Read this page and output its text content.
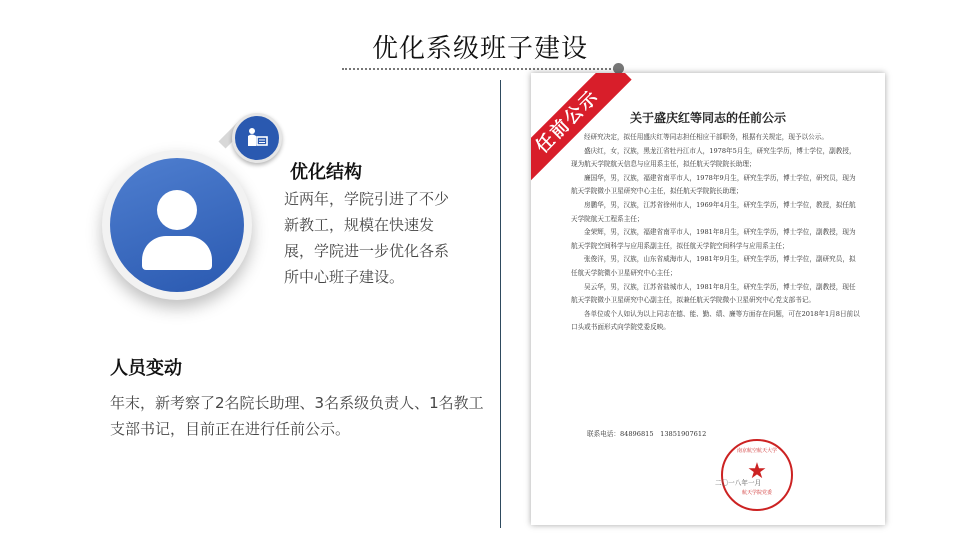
优化系级班子建设
优化结构
近两年，学院引进了不少新教工，规模在快速发展，学院进一步优化各系所中心班子建设。
人员变动
年末，新考察了2名院长助理、3名系级负责人、1名教工支部书记，目前正在进行任前公示。
任前公示	关于盛庆红等同志的任前公示

经研究决定，拟任用盛庆红等同志担任相应干部职务，根据有关规定，现予以公示。

盛庆红，女，汉族，黑龙江省牡丹江市人，1978年5月生，研究生学历，博士学位，副教授，现为航天学院航天信息与应用系主任，拟任航天学院院长助理；

廉国华，男，汉族，福建省南平市人，1978年9月生，研究生学历，博士学位，研究员，现为航天学院微小卫星研究中心主任，拟任航天学院院长助理；

房鹏华，男，汉族，江苏省徐州市人，1969年4月生，研究生学历，博士学位，教授，拟任航天学院航天工程系主任；

金荣辉，男，汉族，福建省南平市人，1981年8月生，研究生学历，博士学位，副教授，现为航天学院空间科学与应用系副主任，拟任航天学院空间科学与应用系主任；

张俊洋，男，汉族，山东省威海市人，1981年9月生，研究生学历，博士学位，副研究员，拟任航天学院微小卫星研究中心主任；

吴云华，男，汉族，江苏省盐城市人，1981年8月生，研究生学历，博士学位，副教授，现任航天学院微小卫星研究中心副主任，拟兼任航天学院微小卫星研究中心党支部书记。

各单位或个人如认为以上同志在德、能、勤、绩、廉等方面存在问题，可在2018年1月8日前以口头或书面形式向学院党委反映。

联系电话：84896815　13851907612
南京航空航天大学
★
航天学院党委
二〇一八年一月
